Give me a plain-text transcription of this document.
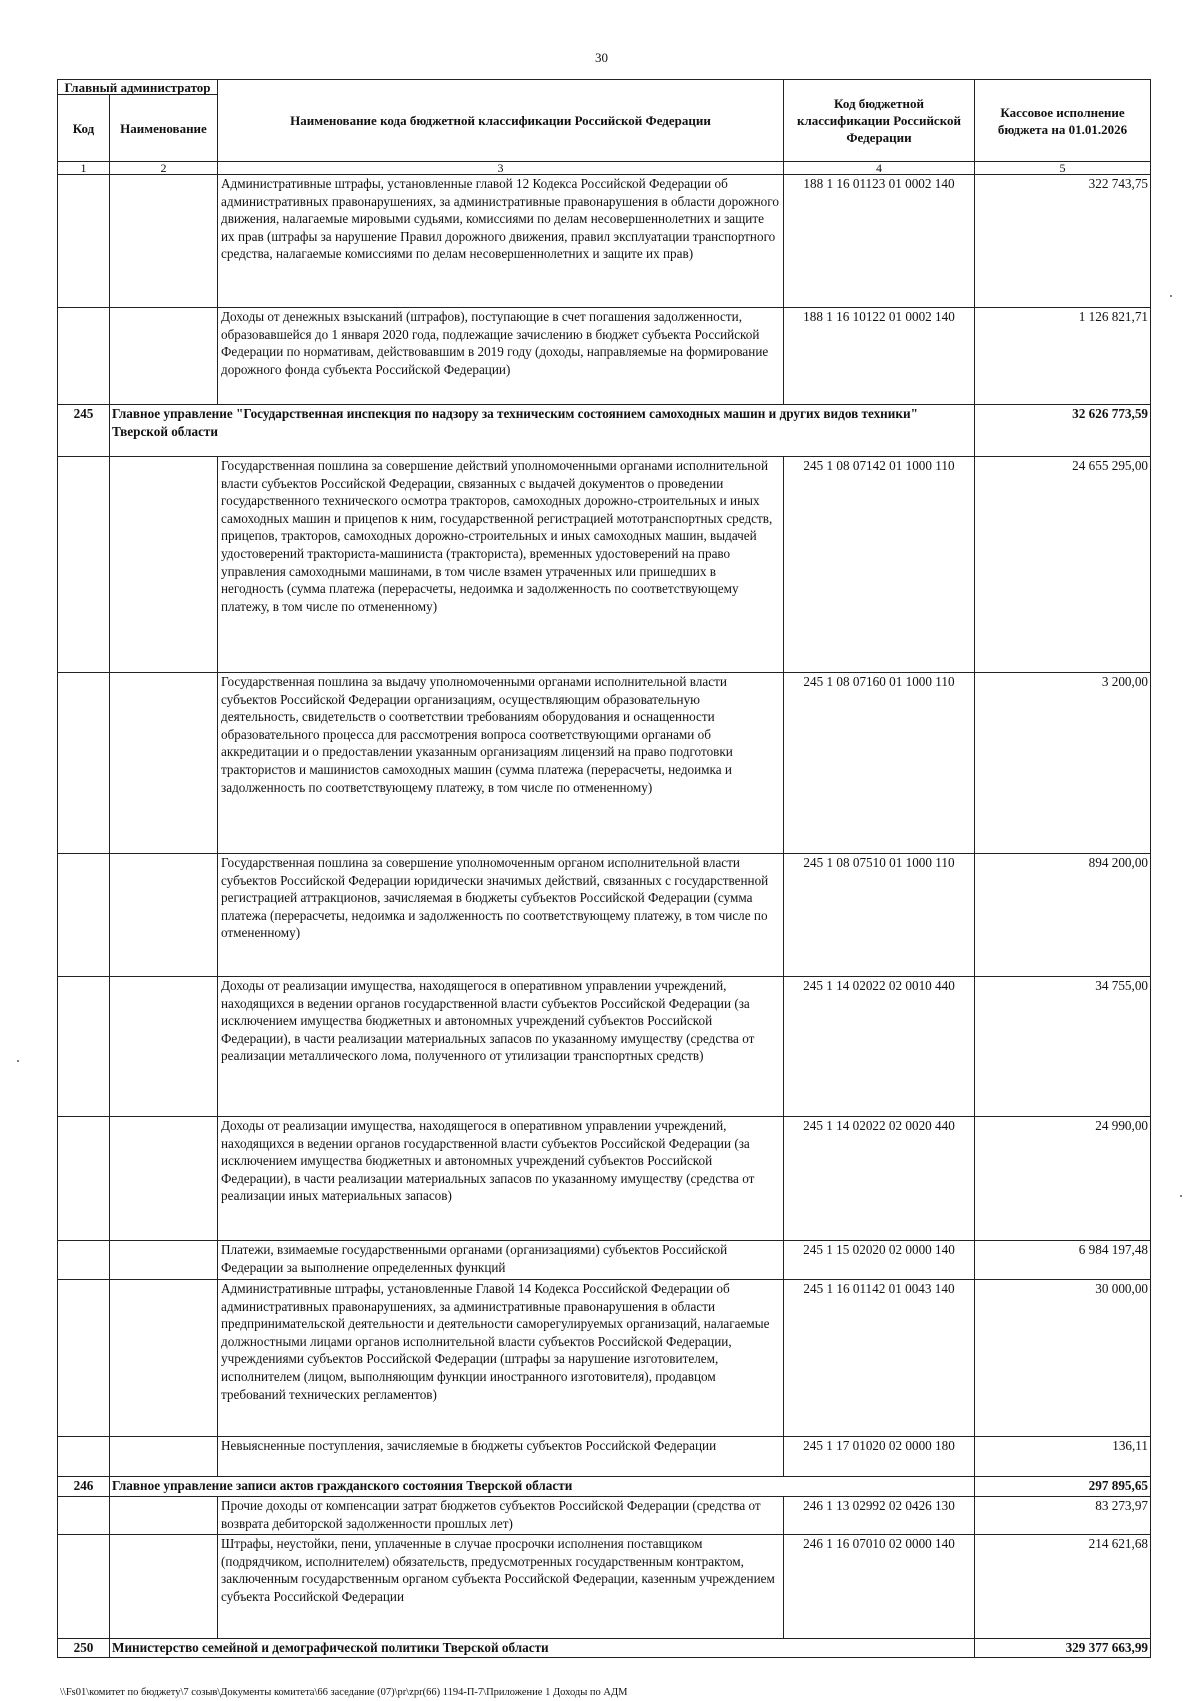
30
Главный администратор		Наименование кода бюджетной классификации Российской Федерации	Код бюджетной классификации Российской Федерации	Кассовое исполнение бюджета на 01.01.2026
Код	Наименование			
1	2	3	4	5
		Административные штрафы, установленные главой 12 Кодекса Российской Федерации об административных правонарушениях, за административные правонарушения в области дорожного движения, налагаемые мировыми судьями, комиссиями по делам несовершеннолетних и защите их прав (штрафы за нарушение Правил дорожного движения, правил эксплуатации транспортного средства, налагаемые комиссиями по делам несовершеннолетних и защите их прав)	188 1 16 01123 01 0002 140	322 743,75
		Доходы от денежных взысканий (штрафов), поступающие в счет погашения задолженности, образовавшейся до 1 января 2020 года, подлежащие зачислению в бюджет субъекта Российской Федерации по нормативам, действовавшим в 2019 году (доходы, направляемые на формирование дорожного фонда субъекта Российской Федерации)	188 1 16 10122 01 0002 140	1 126 821,71
245	Главное управление "Государственная инспекция по надзору за техническим состоянием самоходных машин и других видов техники" Тверской области			32 626 773,59
		Государственная пошлина за совершение действий уполномоченными органами исполнительной власти субъектов Российской Федерации, связанных с выдачей документов о проведении государственного технического осмотра тракторов, самоходных дорожно-строительных и иных самоходных машин и прицепов к ним, государственной регистрацией мототранспортных средств, прицепов, тракторов, самоходных дорожно-строительных и иных самоходных машин, выдачей удостоверений тракториста-машиниста (тракториста), временных удостоверений на право управления самоходными машинами, в том числе взамен утраченных или пришедших в негодность (сумма платежа (перерасчеты, недоимка и задолженность по соответствующему платежу, в том числе по отмененному)	245 1 08 07142 01 1000 110	24 655 295,00
		Государственная пошлина за выдачу уполномоченными органами исполнительной власти субъектов Российской Федерации организациям, осуществляющим образовательную деятельность, свидетельств о соответствии требованиям оборудования и оснащенности образовательного процесса для рассмотрения вопроса соответствующими органами об аккредитации и о предоставлении указанным организациям лицензий на право подготовки трактористов и машинистов самоходных машин (сумма платежа (перерасчеты, недоимка и задолженность по соответствующему платежу, в том числе по отмененному)	245 1 08 07160 01 1000 110	3 200,00
		Государственная пошлина за совершение уполномоченным органом исполнительной власти субъектов Российской Федерации юридически значимых действий, связанных с государственной регистрацией аттракционов, зачисляемая в бюджеты субъектов Российской Федерации (сумма платежа (перерасчеты, недоимка и задолженность по соответствующему платежу, в том числе по отмененному)	245 1 08 07510 01 1000 110	894 200,00
		Доходы от реализации имущества, находящегося в оперативном управлении учреждений, находящихся в ведении органов государственной власти субъектов Российской Федерации (за исключением имущества бюджетных и автономных учреждений субъектов Российской Федерации), в части реализации материальных запасов по указанному имуществу (средства от реализации металлического лома, полученного от утилизации транспортных средств)	245 1 14 02022 02 0010 440	34 755,00
		Доходы от реализации имущества, находящегося в оперативном управлении учреждений, находящихся в ведении органов государственной власти субъектов Российской Федерации (за исключением имущества бюджетных и автономных учреждений субъектов Российской Федерации), в части реализации материальных запасов по указанному имуществу (средства от реализации иных материальных запасов)	245 1 14 02022 02 0020 440	24 990,00
		Платежи, взимаемые государственными органами (организациями) субъектов Российской Федерации за выполнение определенных функций	245 1 15 02020 02 0000 140	6 984 197,48
		Административные штрафы, установленные Главой 14 Кодекса Российской Федерации об административных правонарушениях, за административные правонарушения в области предпринимательской деятельности и деятельности саморегулируемых организаций, налагаемые должностными лицами органов исполнительной власти субъектов Российской Федерации, учреждениями субъектов Российской Федерации (штрафы за нарушение изготовителем, исполнителем (лицом, выполняющим функции иностранного изготовителя), продавцом требований технических регламентов)	245 1 16 01142 01 0043 140	30 000,00
		Невыясненные поступления, зачисляемые в бюджеты субъектов Российской Федерации	245 1 17 01020 02 0000 180	136,11
246	Главное управление записи актов гражданского состояния Тверской области			297 895,65
		Прочие доходы от компенсации затрат бюджетов субъектов Российской Федерации (средства от возврата дебиторской задолженности прошлых лет)	246 1 13 02992 02 0426 130	83 273,97
		Штрафы, неустойки, пени, уплаченные в случае просрочки исполнения поставщиком (подрядчиком, исполнителем) обязательств, предусмотренных государственным контрактом, заключенным государственным органом субъекта Российской Федерации, казенным учреждением субъекта Российской Федерации	246 1 16 07010 02 0000 140	214 621,68
250	Министерство семейной и демографической политики Тверской области			329 377 663,99
\\Fs01\комитет по бюджету\7 созыв\Документы комитета\66 заседание (07)\pr\zpr(66) 1194-П-7\Приложение 1 Доходы по АДМ
